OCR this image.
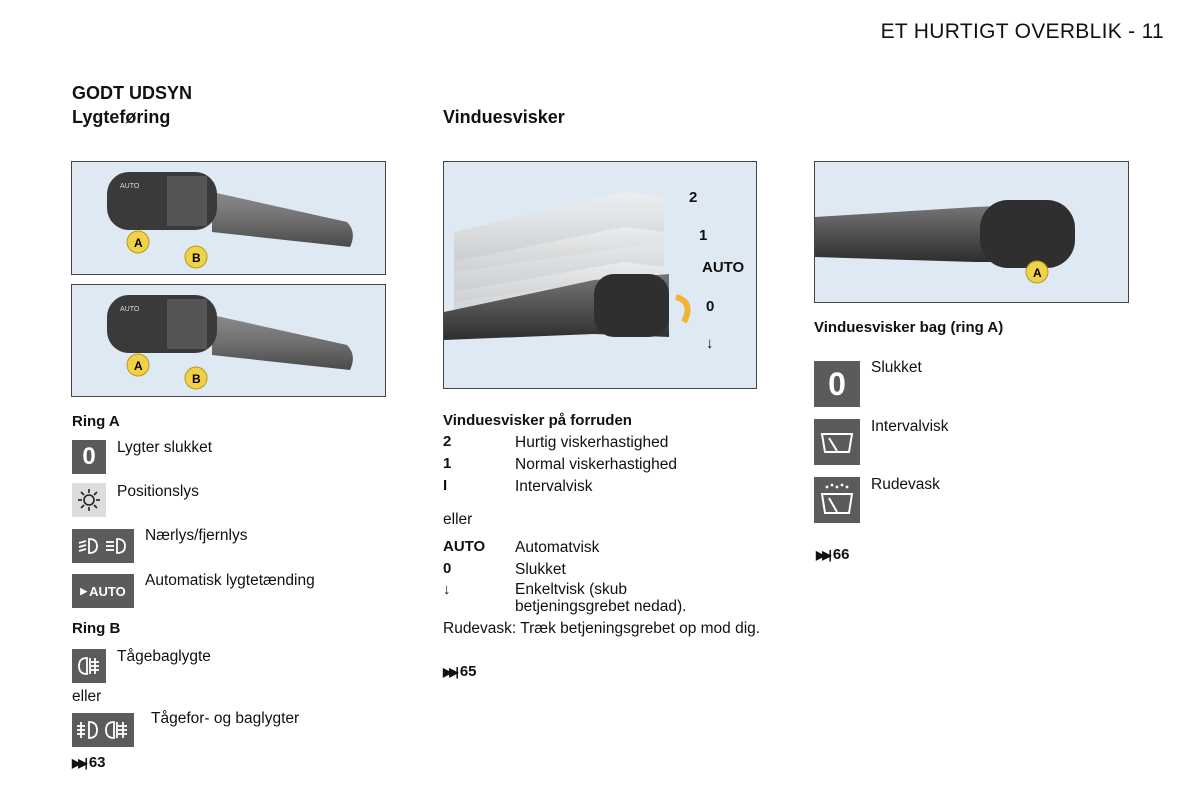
ET HURTIGT OVERBLIK - 11
GODT UDSYN
Lygteføring
AUTO
A
B
AUTO
A
B
Ring A
0 Lygter slukket
Positionslys
Nærlys/fjernlys
▶ AUTO
Automatisk lygtetænding
Ring B
Tågebaglygte
eller
Tågefor- og baglygter
▶▶| 63
Vinduesvisker
2
1
AUTO
0
↓
Vinduesvisker på forruden
2	Hurtig viskerhastighed
1	Normal viskerhastighed
I	Intervalvisk
eller
AUTO Automatvisk
0	Slukket
↓	Enkeltvisk (skub betjeningsgrebet nedad).
Rudevask: Træk betjeningsgrebet op mod dig.
▶▶| 65
A
Vinduesvisker bag (ring A)
0 Slukket
Intervalvisk
Rudevask
▶▶| 66
